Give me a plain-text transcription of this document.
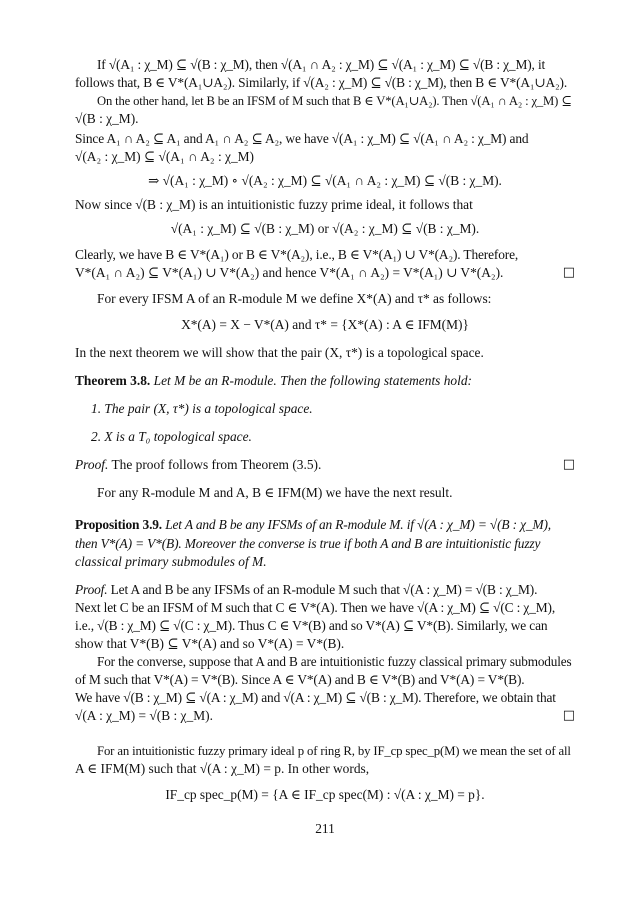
If √(A₁ : χ_M) ⊆ √(B : χ_M), then √(A₁ ∩ A₂ : χ_M) ⊆ √(A₁ : χ_M) ⊆ √(B : χ_M), it
follows that, B ∈ V*(A₁∪A₂). Similarly, if √(A₂ : χ_M) ⊆ √(B : χ_M), then B ∈ V*(A₁∪A₂).
On the other hand, let B be an IFSM of M such that B ∈ V*(A₁∪A₂). Then √(A₁ ∩ A₂ : χ_M) ⊆
√(B : χ_M).
Since A₁ ∩ A₂ ⊆ A₁ and A₁ ∩ A₂ ⊆ A₂, we have √(A₁ : χ_M) ⊆ √(A₁ ∩ A₂ : χ_M) and
√(A₂ : χ_M) ⊆ √(A₁ ∩ A₂ : χ_M)
⇒ √(A₁ : χ_M) ∘ √(A₂ : χ_M) ⊆ √(A₁ ∩ A₂ : χ_M) ⊆ √(B : χ_M).
Now since √(B : χ_M) is an intuitionistic fuzzy prime ideal, it follows that
√(A₁ : χ_M) ⊆ √(B : χ_M) or √(A₂ : χ_M) ⊆ √(B : χ_M).
Clearly, we have B ∈ V*(A₁) or B ∈ V*(A₂), i.e., B ∈ V*(A₁) ∪ V*(A₂). Therefore,
V*(A₁ ∩ A₂) ⊆ V*(A₁) ∪ V*(A₂) and hence V*(A₁ ∩ A₂) = V*(A₁) ∪ V*(A₂).	□
For every IFSM A of an R-module M we define X*(A) and τ* as follows:
X*(A) = X − V*(A) and τ* = {X*(A) : A ∈ IFM(M)}
In the next theorem we will show that the pair (X, τ*) is a topological space.
Theorem 3.8. Let M be an R-module. Then the following statements hold:
1. The pair (X, τ*) is a topological space.
2. X is a T₀ topological space.
Proof. The proof follows from Theorem (3.5).	□
For any R-module M and A, B ∈ IFM(M) we have the next result.
Proposition 3.9. Let A and B be any IFSMs of an R-module M. if √(A : χ_M) = √(B : χ_M),
then V*(A) = V*(B). Moreover the converse is true if both A and B are intuitionistic fuzzy
classical primary submodules of M.
Proof. Let A and B be any IFSMs of an R-module M such that √(A : χ_M) = √(B : χ_M).
Next let C be an IFSM of M such that C ∈ V*(A). Then we have √(A : χ_M) ⊆ √(C : χ_M),
i.e., √(B : χ_M) ⊆ √(C : χ_M). Thus C ∈ V*(B) and so V*(A) ⊆ V*(B). Similarly, we can
show that V*(B) ⊆ V*(A) and so V*(A) = V*(B).
For the converse, suppose that A and B are intuitionistic fuzzy classical primary submodules
of M such that V*(A) = V*(B). Since A ∈ V*(A) and B ∈ V*(B) and V*(A) = V*(B).
We have √(B : χ_M) ⊆ √(A : χ_M) and √(A : χ_M) ⊆ √(B : χ_M). Therefore, we obtain that
√(A : χ_M) = √(B : χ_M).	□
For an intuitionistic fuzzy primary ideal p of ring R, by IF_cp spec_p(M) we mean the set of all
A ∈ IFM(M) such that √(A : χ_M) = p. In other words,
IF_cp spec_p(M) = {A ∈ IF_cp spec(M) : √(A : χ_M) = p}.
211
